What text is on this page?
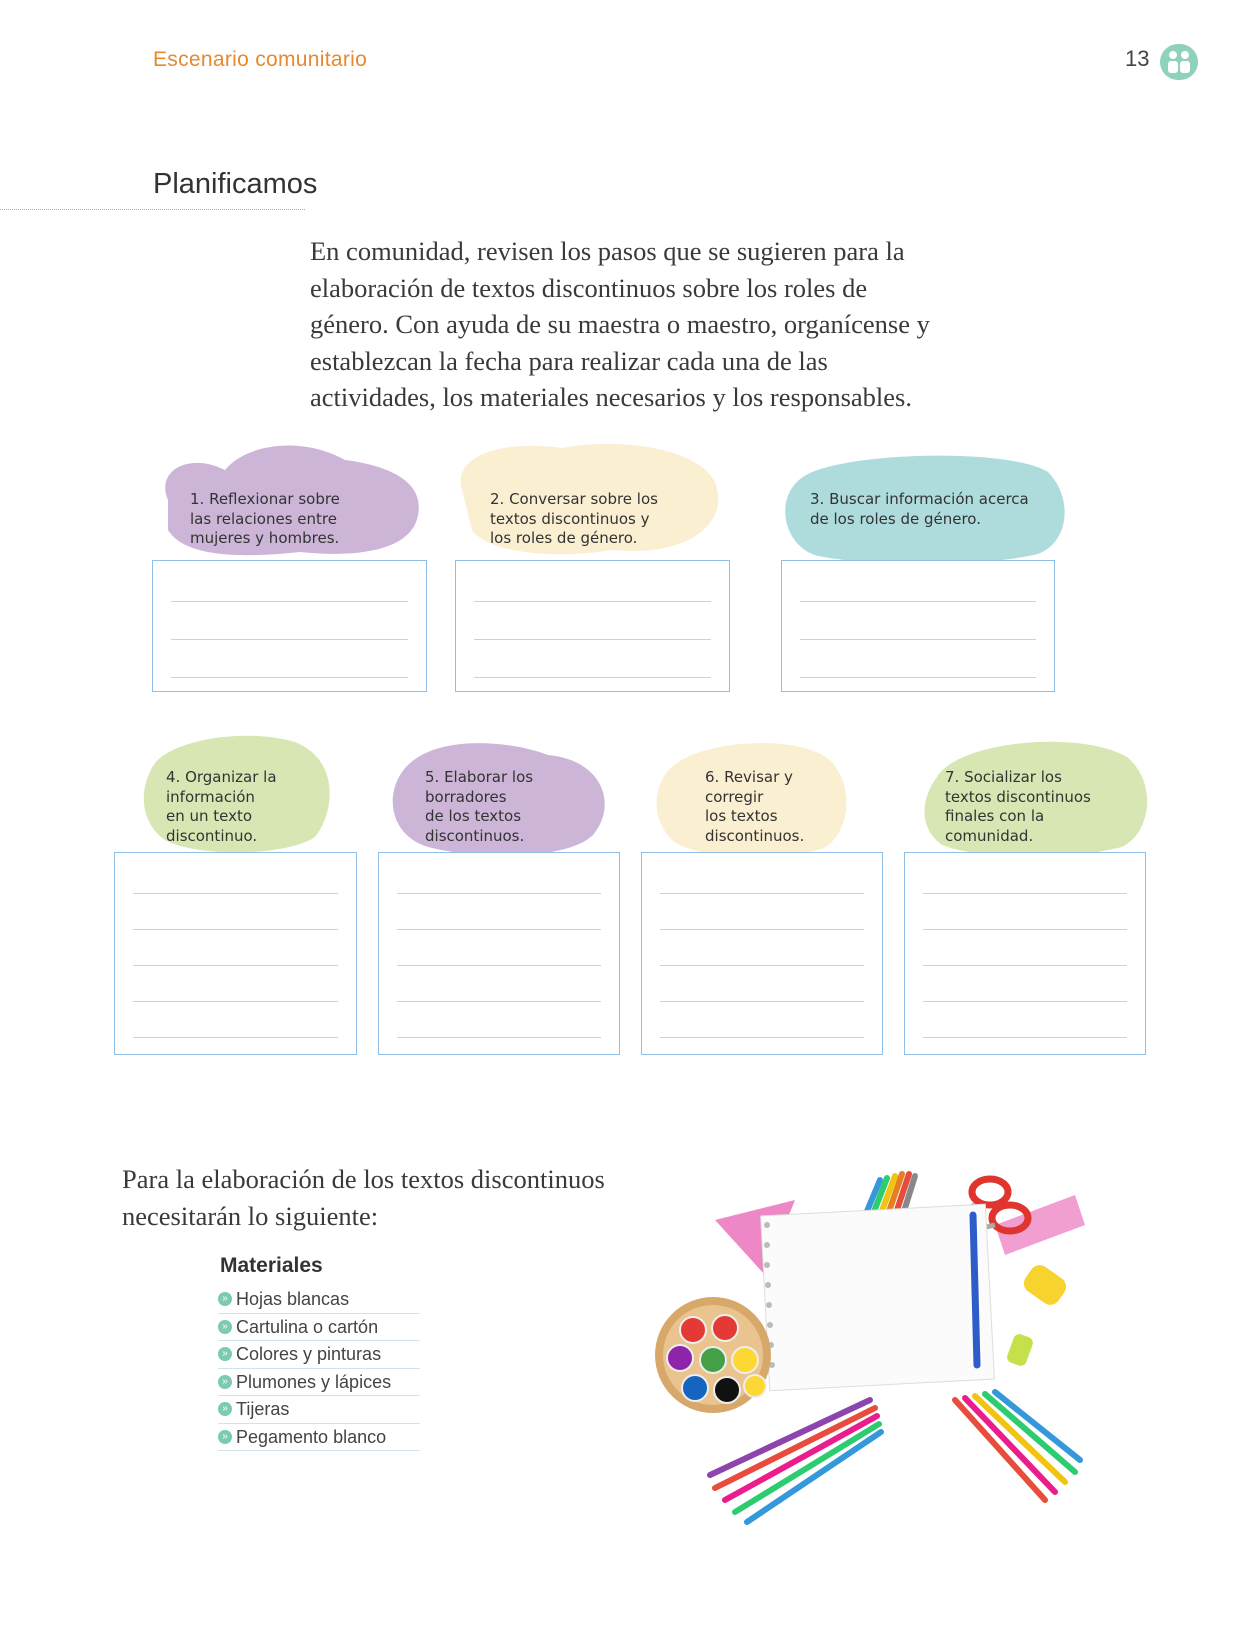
Escenario comunitario	13
Planificamos
En comunidad, revisen los pasos que se sugieren para la elaboración de textos discontinuos sobre los roles de género. Con ayuda de su maestra o maestro, organícense y establezcan la fecha para realizar cada una de las actividades, los materiales necesarios y los responsables.
1. Reflexionar sobre
las relaciones entre
mujeres y hombres.
2. Conversar sobre los
textos discontinuos y
los roles de género.
3. Buscar información acerca
de los roles de género.
4. Organizar la
información
en un texto
discontinuo.
5. Elaborar los
borradores
de los textos
discontinuos.
6. Revisar y
corregir
los textos
discontinuos.
7. Socializar los
textos discontinuos
finales con la
comunidad.
Para la elaboración de los textos discontinuos necesitarán lo siguiente:
Materiales
» Hojas blancas
» Cartulina o cartón
» Colores y pinturas
» Plumones y lápices
» Tijeras
» Pegamento blanco
